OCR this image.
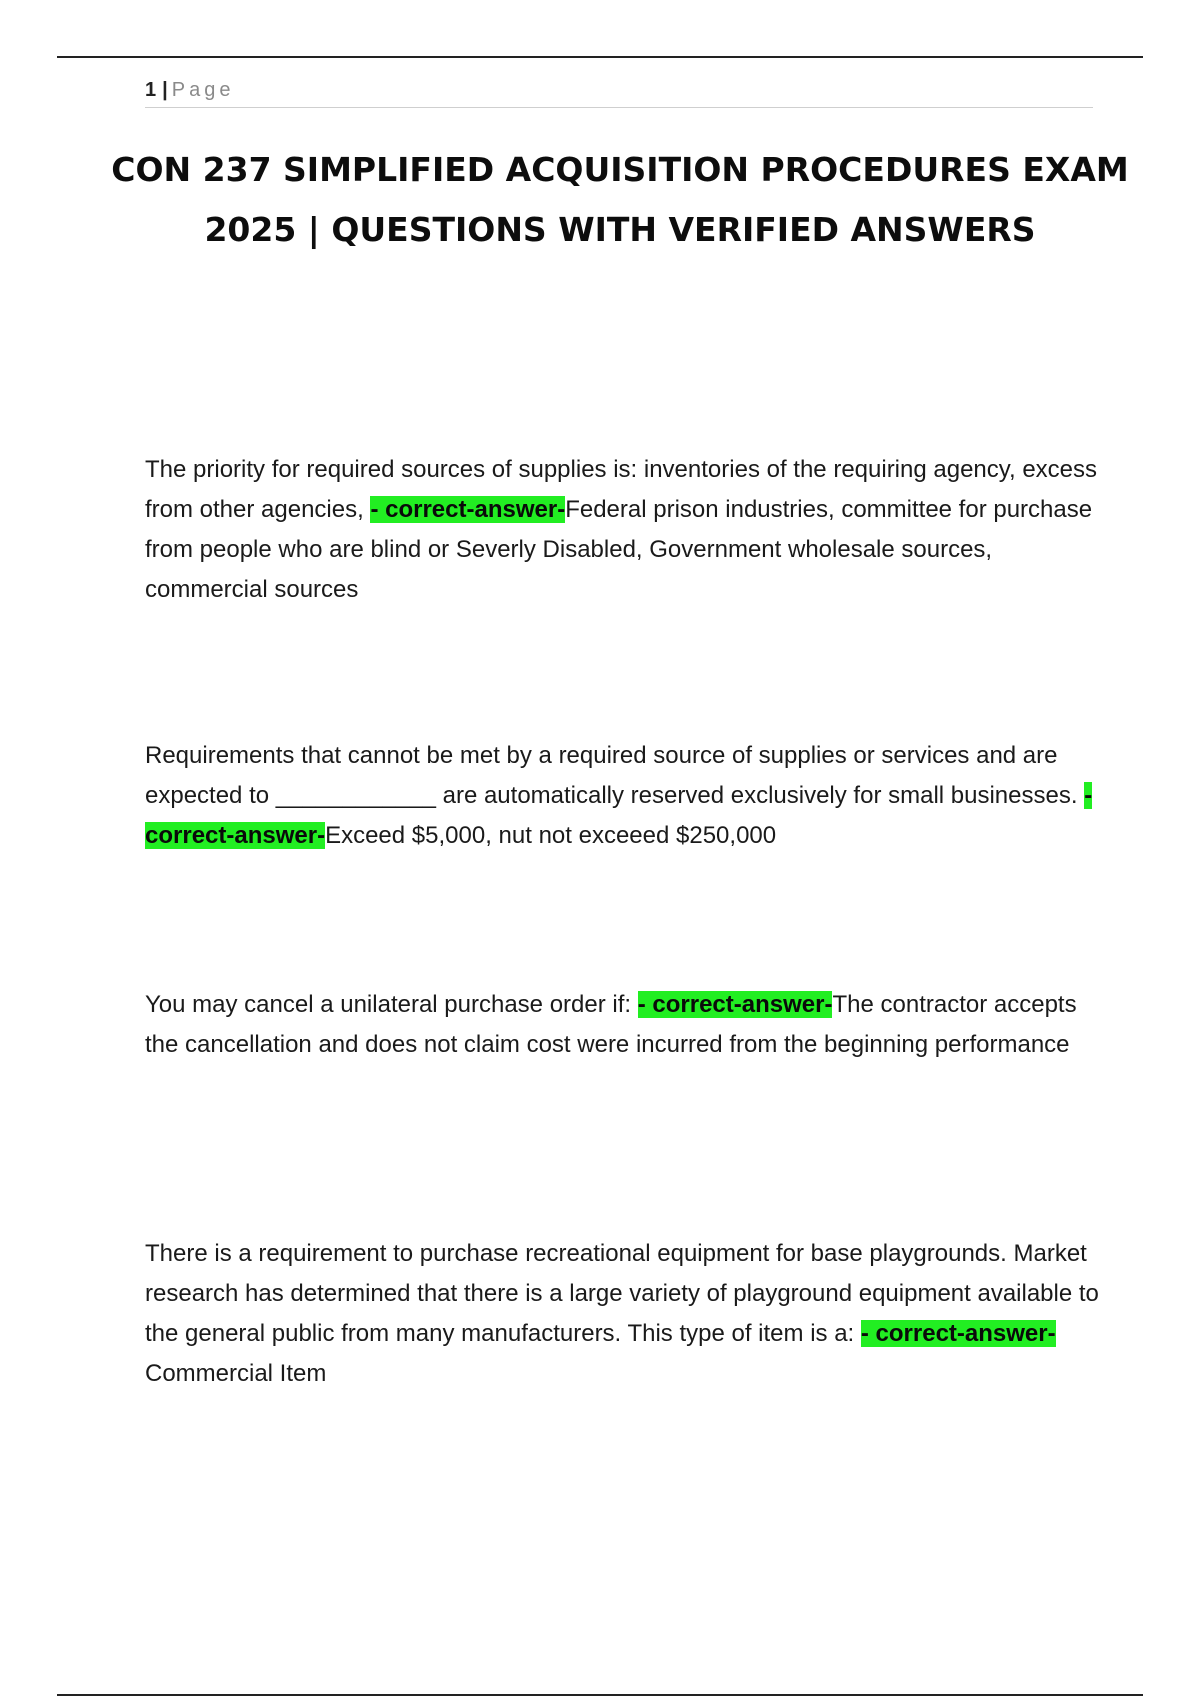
1 | Page
CON 237 SIMPLIFIED ACQUISITION PROCEDURES EXAM 2025 | QUESTIONS WITH VERIFIED ANSWERS
The priority for required sources of supplies is: inventories of the requiring agency, excess from other agencies, - correct-answer-Federal prison industries, committee for purchase from people who are blind or Severly Disabled, Government wholesale sources, commercial sources
Requirements that cannot be met by a required source of supplies or services and are expected to ____________ are automatically reserved exclusively for small businesses. - correct-answer-Exceed $5,000, nut not exceeed $250,000
You may cancel a unilateral purchase order if: - correct-answer-The contractor accepts the cancellation and does not claim cost were incurred from the beginning performance
There is a requirement to purchase recreational equipment for base playgrounds. Market research has determined that there is a large variety of playground equipment available to the general public from many manufacturers. This type of item is a: - correct-answer-Commercial Item
